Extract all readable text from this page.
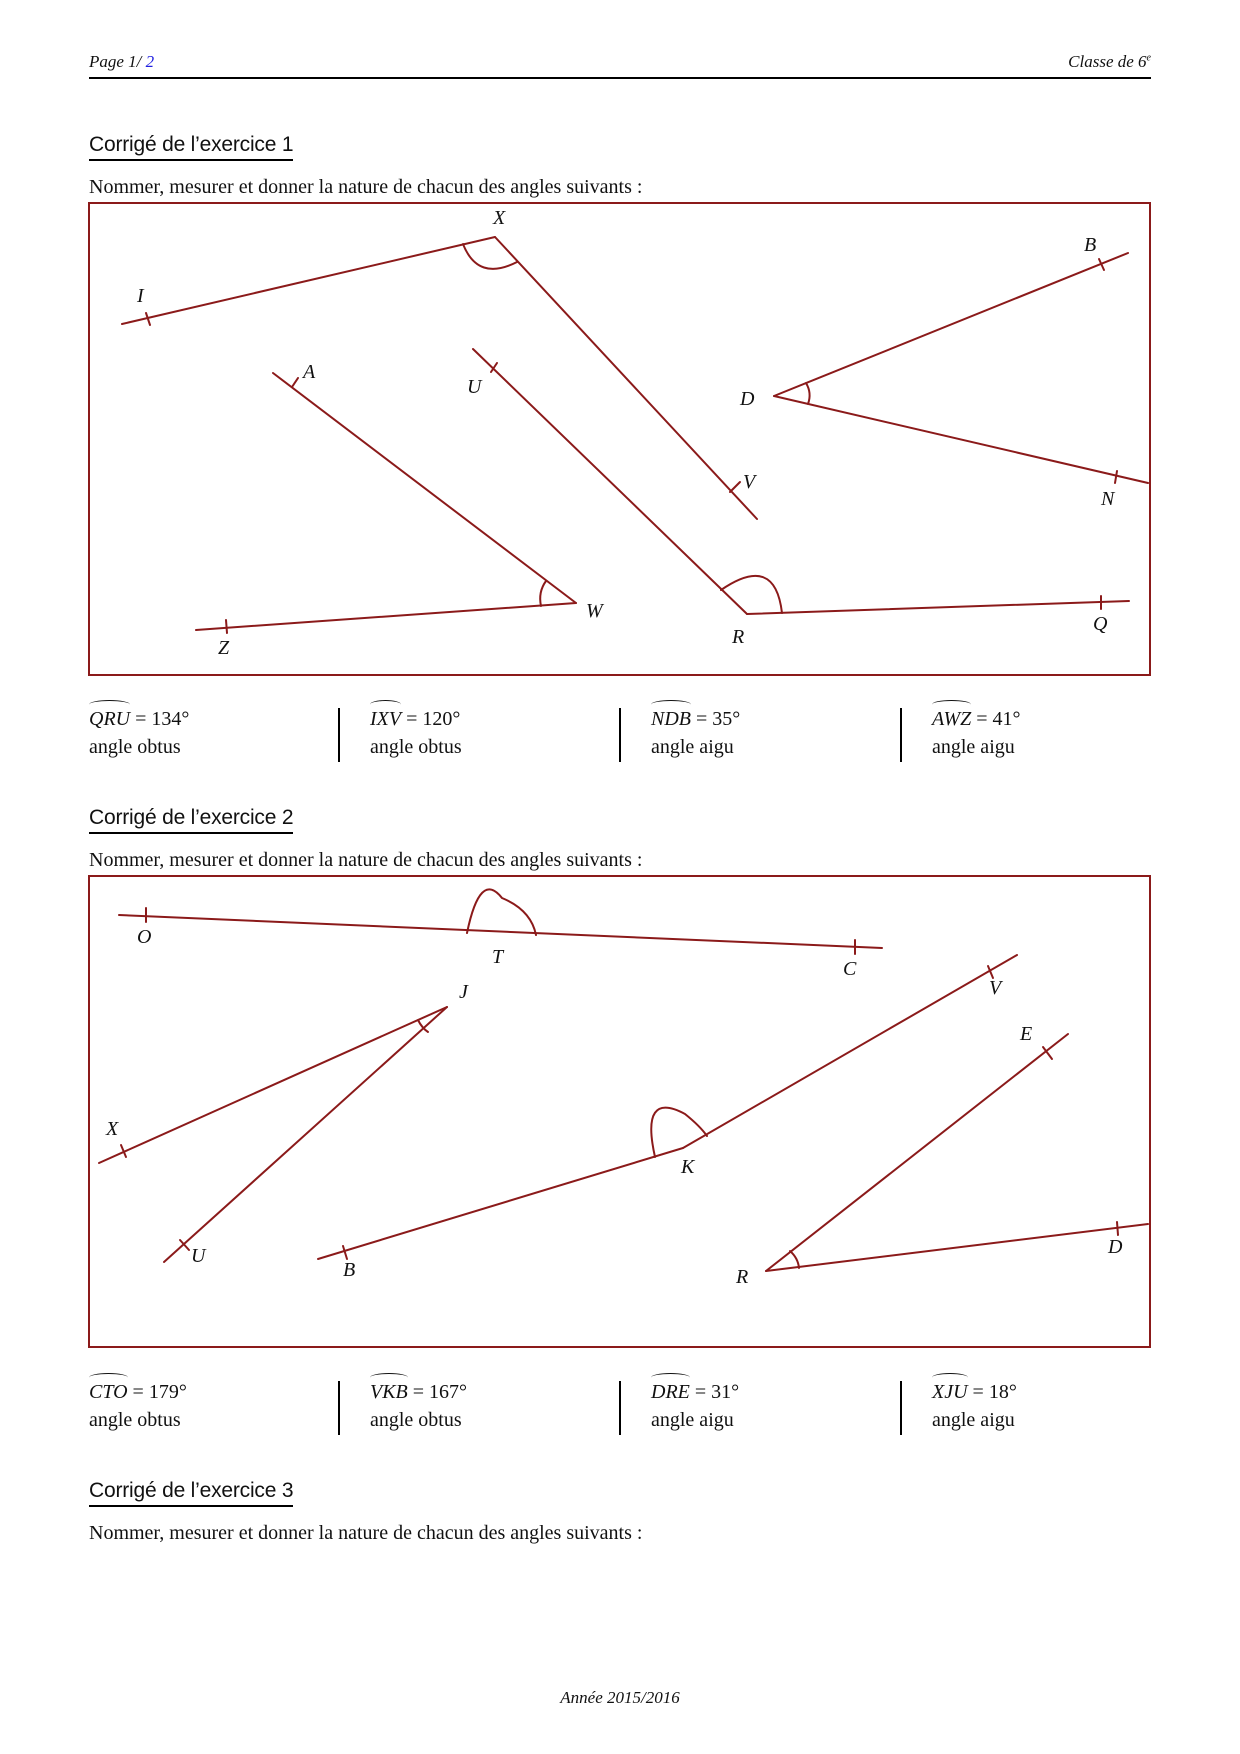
Page 1/ 2	Classe de 6e
Corrigé de l’exercice 1
Nommer, mesurer et donner la nature de chacun des angles suivants :
QRU = 134°
angle obtus
IXV = 120°
angle obtus
NDB = 35°
angle aigu
AWZ = 41°
angle aigu
Corrigé de l’exercice 2
Nommer, mesurer et donner la nature de chacun des angles suivants :
CTO = 179°
angle obtus
VKB = 167°
angle obtus
DRE = 31°
angle aigu
XJU = 18°
angle aigu
Corrigé de l’exercice 3
Nommer, mesurer et donner la nature de chacun des angles suivants :
X
I
B
A
U
D
V
N
W
Z	R
Q
O
T
C
J	V
E
X
K
U
B	R
D
Année 2015/2016
